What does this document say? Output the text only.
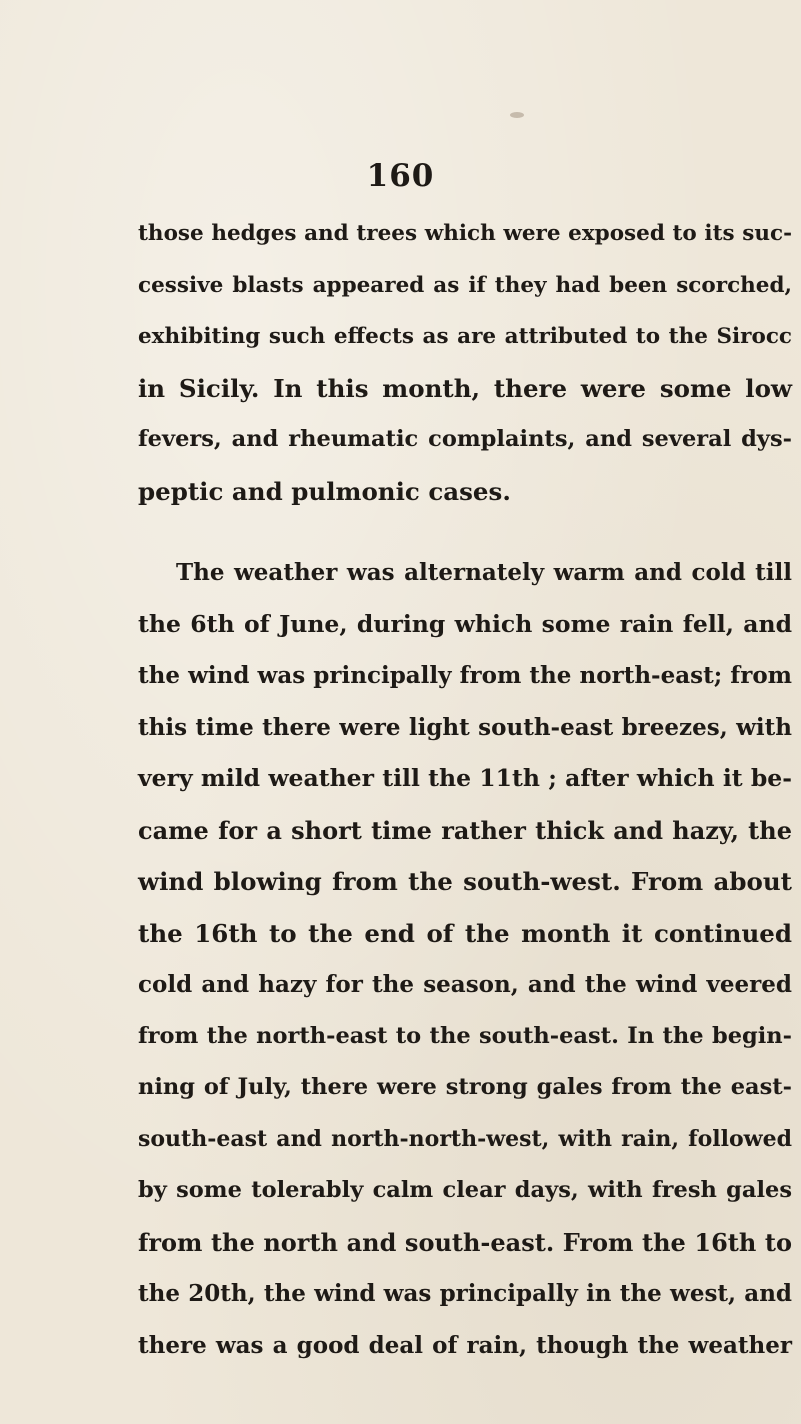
160
those hedges and trees which were exposed to its suc-
cessive blasts appeared as if they had been scorched,
exhibiting such effects as are attributed to the Sirocc
in Sicily. In this month, there were some low
fevers, and rheumatic complaints, and several dys-
peptic and pulmonic cases.
The weather was alternately warm and cold till
the 6th of June, during which some rain fell, and
the wind was principally from the north-east; from
this time there were light south-east breezes, with
very mild weather till the 11th ; after which it be-
came for a short time rather thick and hazy, the
wind blowing from the south-west. From about
the 16th to the end of the month it continued
cold and hazy for the season, and the wind veered
from the north-east to the south-east. In the begin-
ning of July, there were strong gales from the east-
south-east and north-north-west, with rain, followed
by some tolerably calm clear days, with fresh gales
from the north and south-east. From the 16th to
the 20th, the wind was principally in the west, and
there was a good deal of rain, though the weather
